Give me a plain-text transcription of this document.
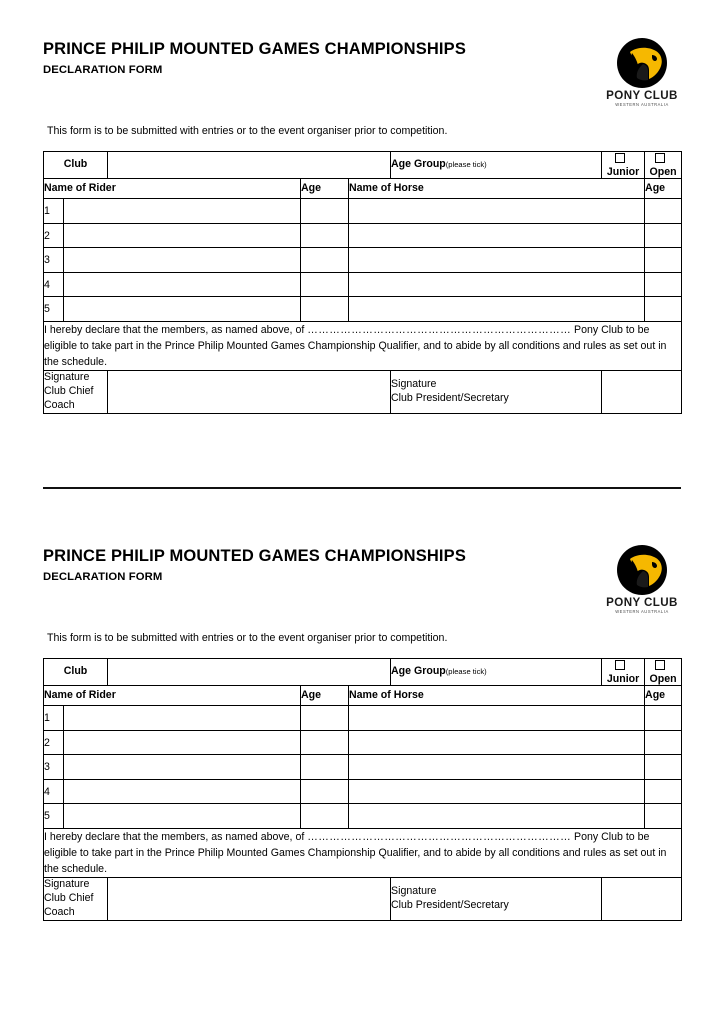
PRINCE PHILIP MOUNTED GAMES CHAMPIONSHIPS
DECLARATION FORM
PONY CLUB
WESTERN AUSTRALIA

This form is to be submitted with entries or to the event organiser prior to competition.

Club					Age Group(please tick)	Junior	Open
Name of Rider			Age	Name of Horse			Age
1							
2							
3							
4							
5							

I hereby declare that the members, as named above, of ……………………………………………………………… Pony Club to be eligible to take part in the Prince Philip Mounted Games Championship Qualifier, and to abide by all conditions and rules as set out in the schedule.							

Signature
Club Chief Coach

Signature
Club President/Secretary

PRINCE PHILIP MOUNTED GAMES CHAMPIONSHIPS
DECLARATION FORM
PONY CLUB
WESTERN AUSTRALIA

This form is to be submitted with entries or to the event organiser prior to competition.

Club					Age Group(please tick)	Junior	Open
Name of Rider			Age	Name of Horse			Age
1							
2							
3							
4							
5							

I hereby declare that the members, as named above, of ……………………………………………………………… Pony Club to be eligible to take part in the Prince Philip Mounted Games Championship Qualifier, and to abide by all conditions and rules as set out in the schedule.							

Signature
Club Chief Coach

Signature
Club President/Secretary
